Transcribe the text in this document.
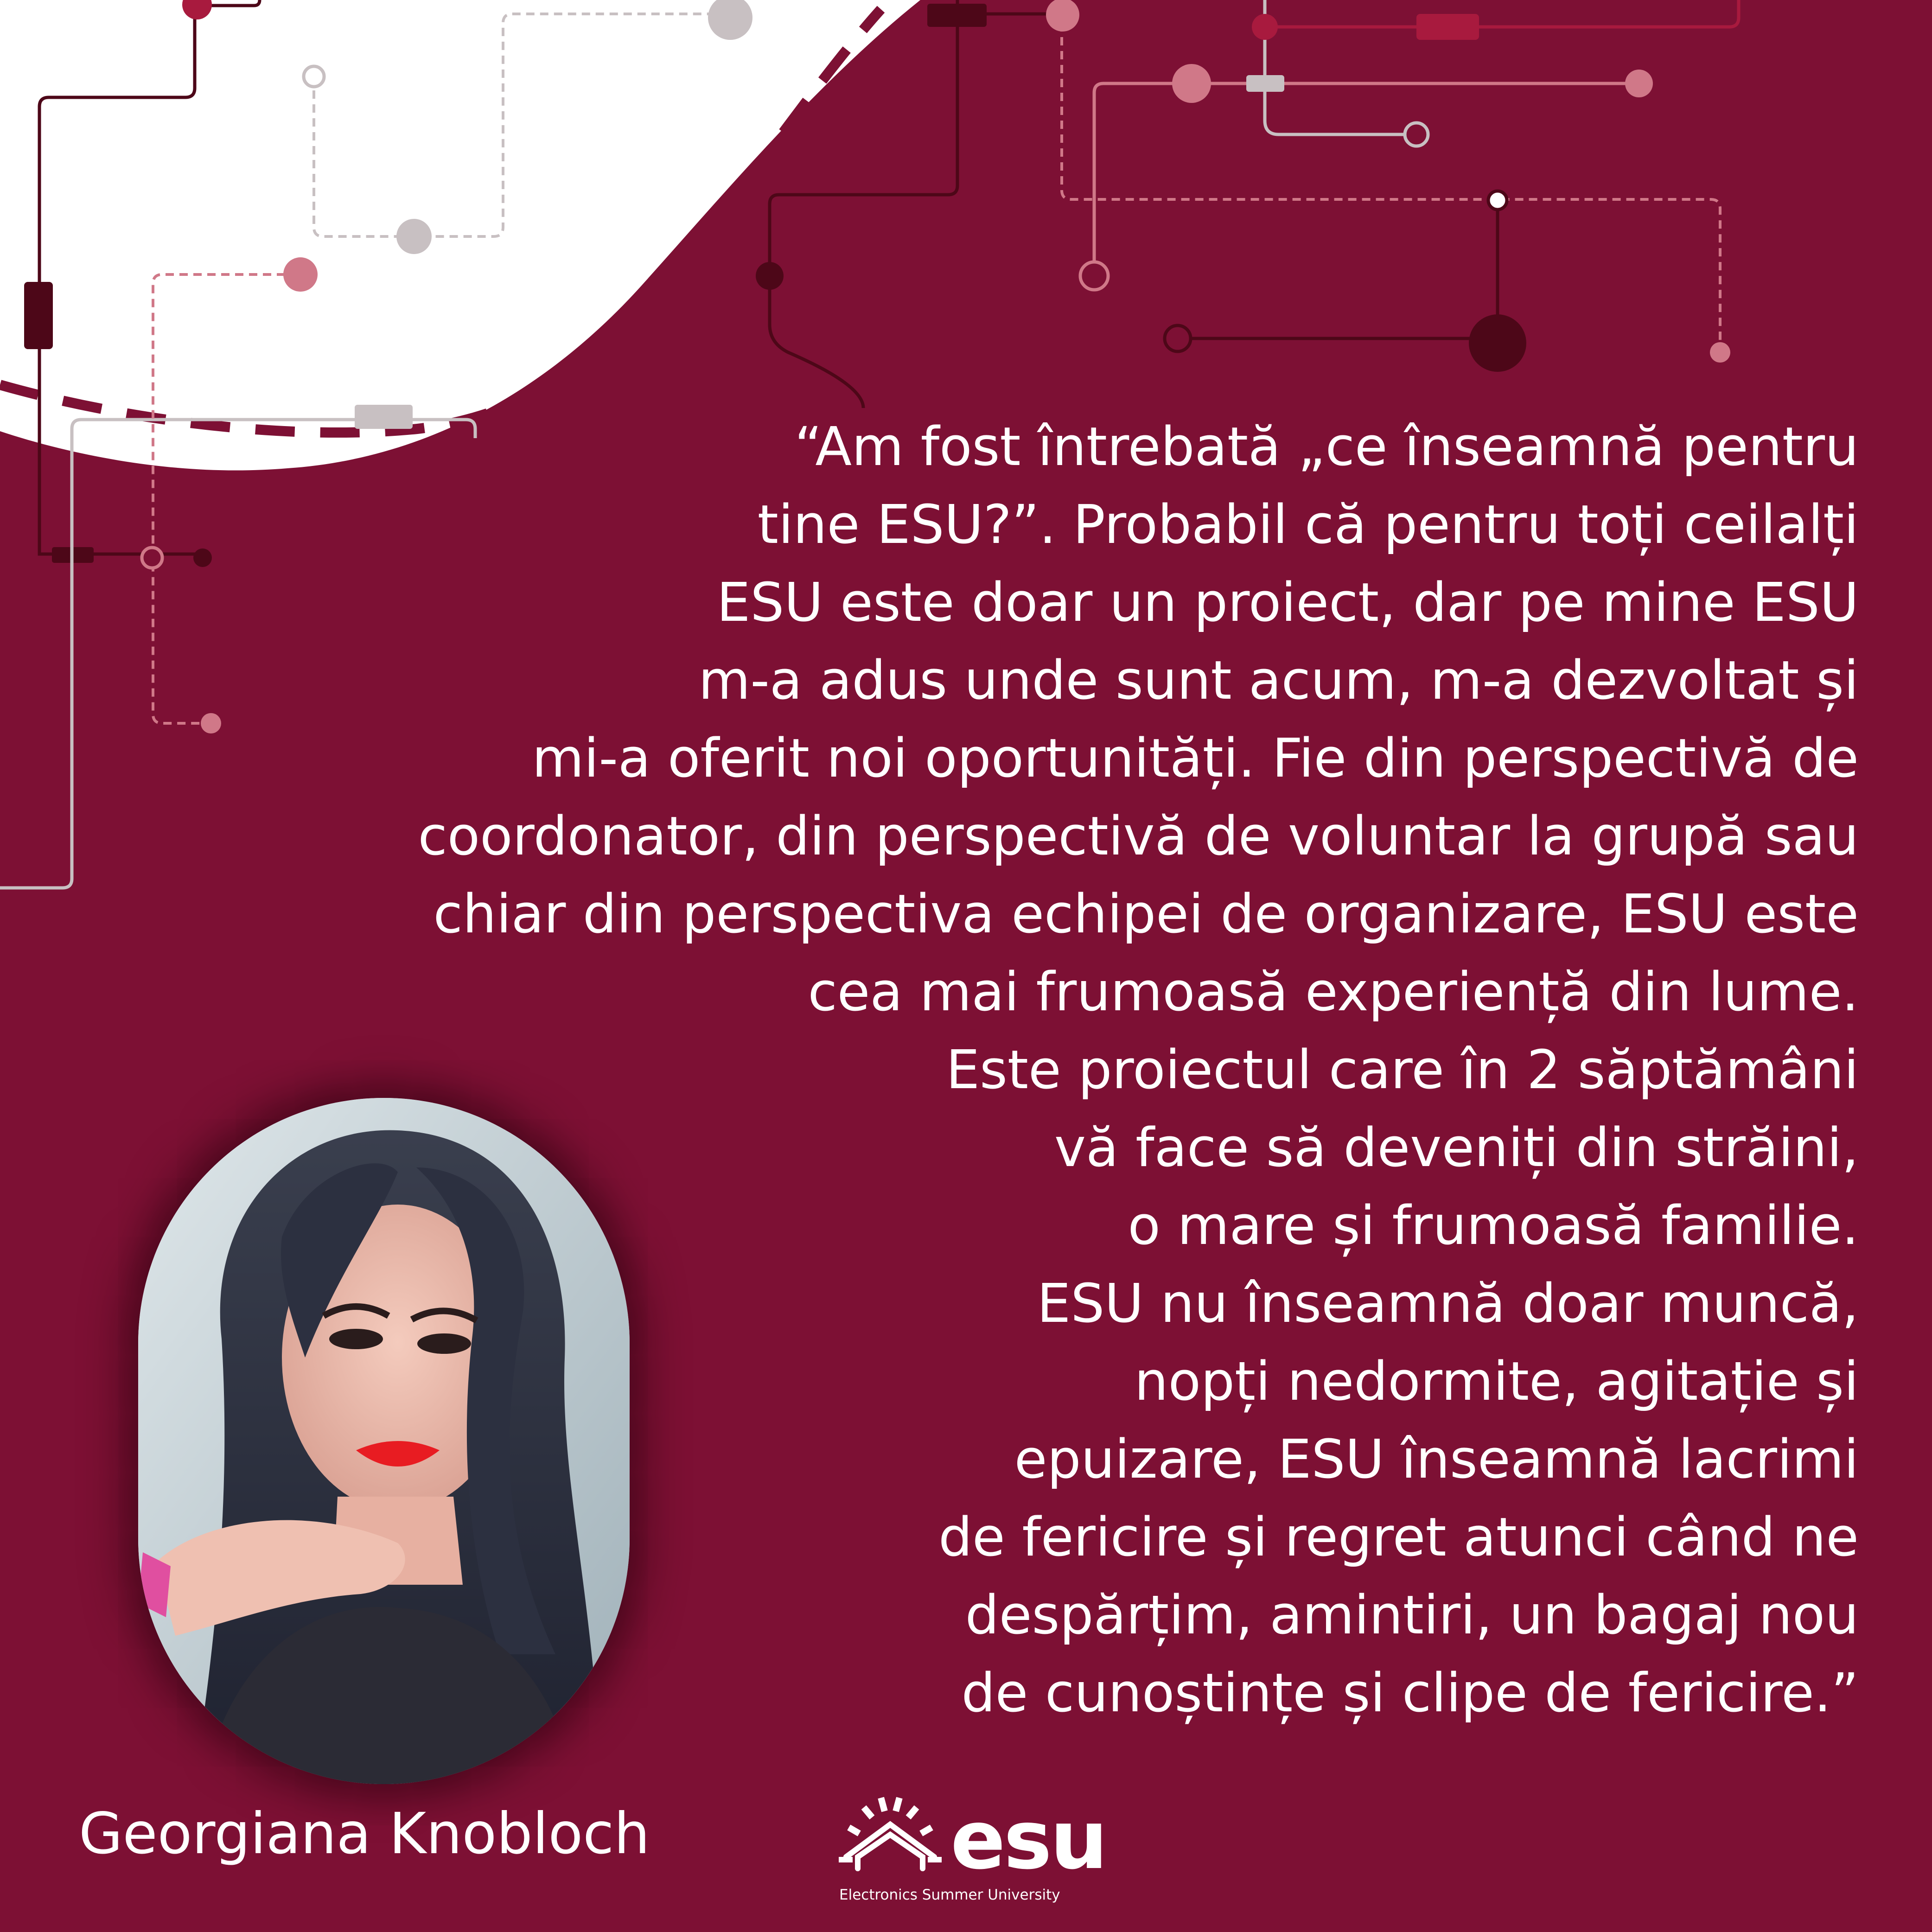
“Am fost întrebată „ce înseamnă pentru
tine ESU?”. Probabil că pentru toți ceilalți
ESU este doar un proiect, dar pe mine ESU
m-a adus unde sunt acum, m-a dezvoltat și
mi-a oferit noi oportunități. Fie din perspectivă de
coordonator, din perspectivă de voluntar la grupă sau
chiar din perspectiva echipei de organizare, ESU este
cea mai frumoasă experiență din lume.
Este proiectul care în 2 săptămâni
vă face să deveniți din străini,
o mare și frumoasă familie.
ESU nu înseamnă doar muncă,
nopți nedormite, agitație și
epuizare, ESU înseamnă lacrimi
de fericire și regret atunci când ne
despărțim, amintiri, un bagaj nou
de cunoștințe și clipe de fericire.”

Georgiana Knobloch	esu
Electronics Summer University
